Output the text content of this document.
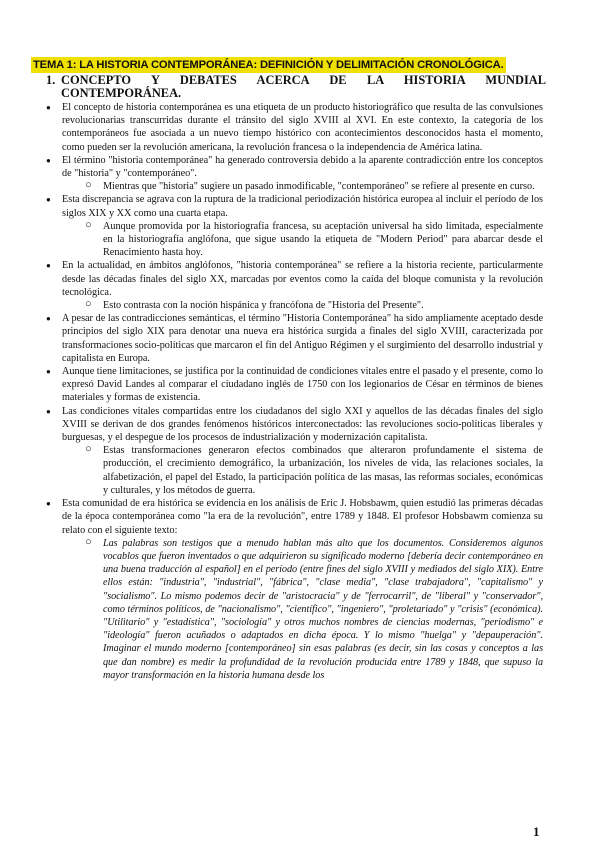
TEMA 1: LA HISTORIA CONTEMPORÁNEA: DEFINICIÓN Y DELIMITACIÓN CRONOLÓGICA.
1. CONCEPTO Y DEBATES ACERCA DE LA HISTORIA MUNDIAL CONTEMPORÁNEA.
● El concepto de historia contemporánea es una etiqueta de un producto historiográfico que resulta de las convulsiones revolucionarias transcurridas durante el tránsito del siglo XVIII al XVI. En este contexto, la categoría de los contemporáneos fue asociada a un nuevo tiempo histórico con acontecimientos desconocidos hasta el momento, como pueden ser la revolución americana, la revolución francesa o la independencia de América latina.
● El término "historia contemporánea" ha generado controversia debido a la aparente contradicción entre los conceptos de "historia" y "contemporáneo".
○ Mientras que "historia" sugiere un pasado inmodificable, "contemporáneo" se refiere al presente en curso.
● Esta discrepancia se agrava con la ruptura de la tradicional periodización histórica europea al incluir el período de los siglos XIX y XX como una cuarta etapa.
○ Aunque promovida por la historiografía francesa, su aceptación universal ha sido limitada, especialmente en la historiografía anglófona, que sigue usando la etiqueta de "Modern Period" para abarcar desde el Renacimiento hasta hoy.
● En la actualidad, en ámbitos anglófonos, "historia contemporánea" se refiere a la historia reciente, particularmente desde las décadas finales del siglo XX, marcadas por eventos como la caída del bloque comunista y la revolución tecnológica.
○ Esto contrasta con la noción hispánica y francófona de "Historia del Presente".
● A pesar de las contradicciones semánticas, el término "Historia Contemporánea" ha sido ampliamente aceptado desde principios del siglo XIX para denotar una nueva era histórica surgida a finales del siglo XVIII, caracterizada por transformaciones socio-políticas que marcaron el fin del Antiguo Régimen y el surgimiento del desarrollo industrial y capitalista en Europa.
● Aunque tiene limitaciones, se justifica por la continuidad de condiciones vitales entre el pasado y el presente, como lo expresó David Landes al comparar el ciudadano inglés de 1750 con los legionarios de César en términos de bienes materiales y formas de existencia.
● Las condiciones vitales compartidas entre los ciudadanos del siglo XXI y aquellos de las décadas finales del siglo XVIII se derivan de dos grandes fenómenos históricos interconectados: las revoluciones socio-políticas liberales y burguesas, y el despegue de los procesos de industrialización y modernización capitalista.
○ Estas transformaciones generaron efectos combinados que alteraron profundamente el sistema de producción, el crecimiento demográfico, la urbanización, los niveles de vida, las relaciones sociales, la alfabetización, el papel del Estado, la participación política de las masas, las reformas sociales, económicas y culturales, y los métodos de guerra.
● Esta comunidad de era histórica se evidencia en los análisis de Eric J. Hobsbawm, quien estudió las primeras décadas de la época contemporánea como "la era de la revolución", entre 1789 y 1848. El profesor Hobsbawm comienza su relato con el siguiente texto:
○ Las palabras son testigos que a menudo hablan más alto que los documentos. Consideremos algunos vocablos que fueron inventados o que adquirieron su significado moderno [debería decir contemporáneo en una buena traducción al español] en el período (entre fines del siglo XVIII y mediados del siglo XIX). Entre ellos están: "industria", "industrial", "fábrica", "clase media", "clase trabajadora", "capitalismo" y "socialismo". Lo mismo podemos decir de "aristocracia" y de "ferrocarril", de "liberal" y "conservador", como términos políticos, de "nacionalismo", "científico", "ingeniero", "proletariado" y "crisis" (económica). "Utilitario" y "estadística", "sociología" y otros muchos nombres de ciencias modernas, "periodismo" e "ideología" fueron acuñados o adaptados en dicha época. Y lo mismo "huelga" y "depauperación". Imaginar el mundo moderno [contemporáneo] sin esas palabras (es decir, sin las cosas y conceptos a las que dan nombre) es medir la profundidad de la revolución producida entre 1789 y 1848, que supuso la mayor transformación en la historia humana desde los
1
